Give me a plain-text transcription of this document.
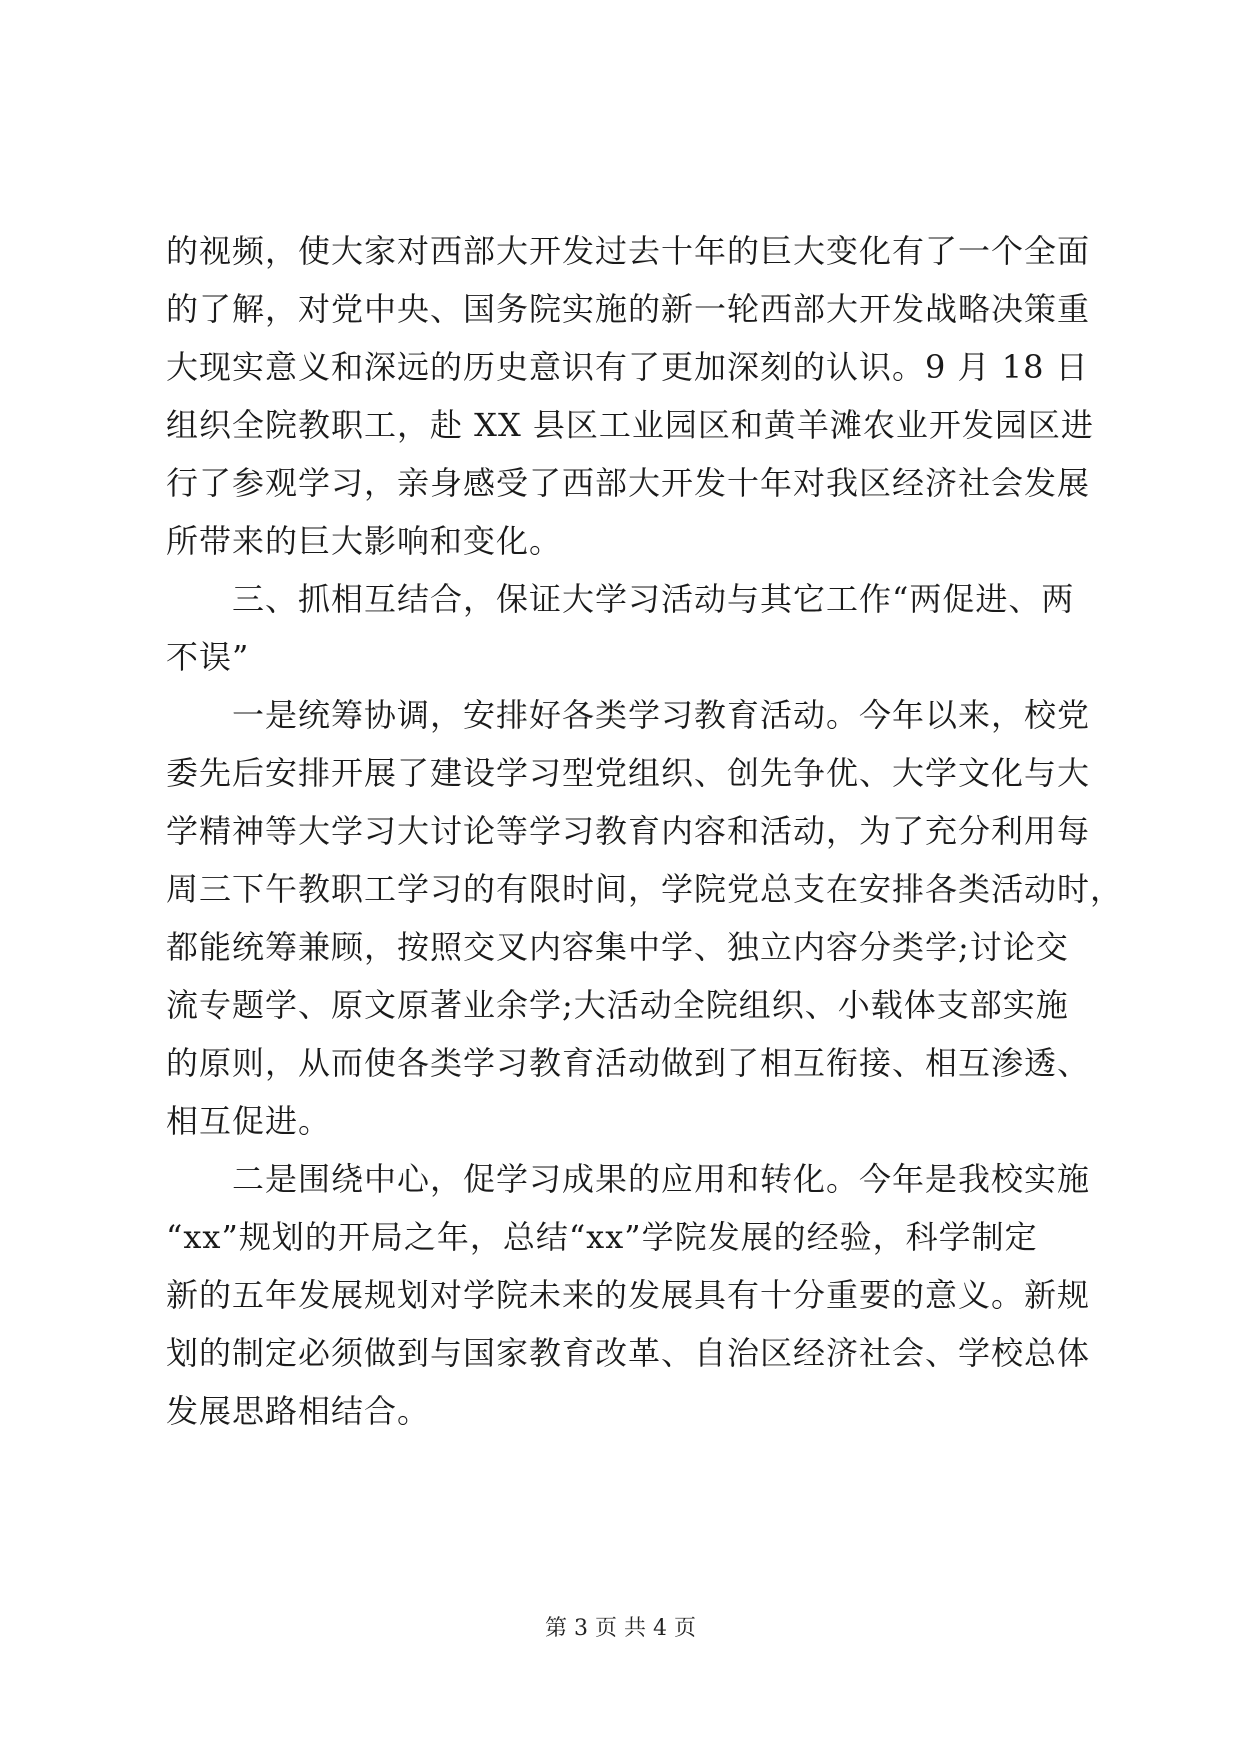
的视频，使大家对西部大开发过去十年的巨大变化有了一个全面
的了解，对党中央、国务院实施的新一轮西部大开发战略决策重
大现实意义和深远的历史意识有了更加深刻的认识。9 月 18 日
组织全院教职工，赴 XX 县区工业园区和黄羊滩农业开发园区进
行了参观学习，亲身感受了西部大开发十年对我区经济社会发展
所带来的巨大影响和变化。
三、抓相互结合，保证大学习活动与其它工作“两促进、两
不误”
一是统筹协调，安排好各类学习教育活动。今年以来，校党
委先后安排开展了建设学习型党组织、创先争优、大学文化与大
学精神等大学习大讨论等学习教育内容和活动，为了充分利用每
周三下午教职工学习的有限时间，学院党总支在安排各类活动时，
都能统筹兼顾，按照交叉内容集中学、独立内容分类学;讨论交
流专题学、原文原著业余学;大活动全院组织、小载体支部实施
的原则，从而使各类学习教育活动做到了相互衔接、相互渗透、
相互促进。
二是围绕中心，促学习成果的应用和转化。今年是我校实施
“xx”规划的开局之年，总结“xx”学院发展的经验，科学制定
新的五年发展规划对学院未来的发展具有十分重要的意义。新规
划的制定必须做到与国家教育改革、自治区经济社会、学校总体
发展思路相结合。
第 3 页 共 4 页
